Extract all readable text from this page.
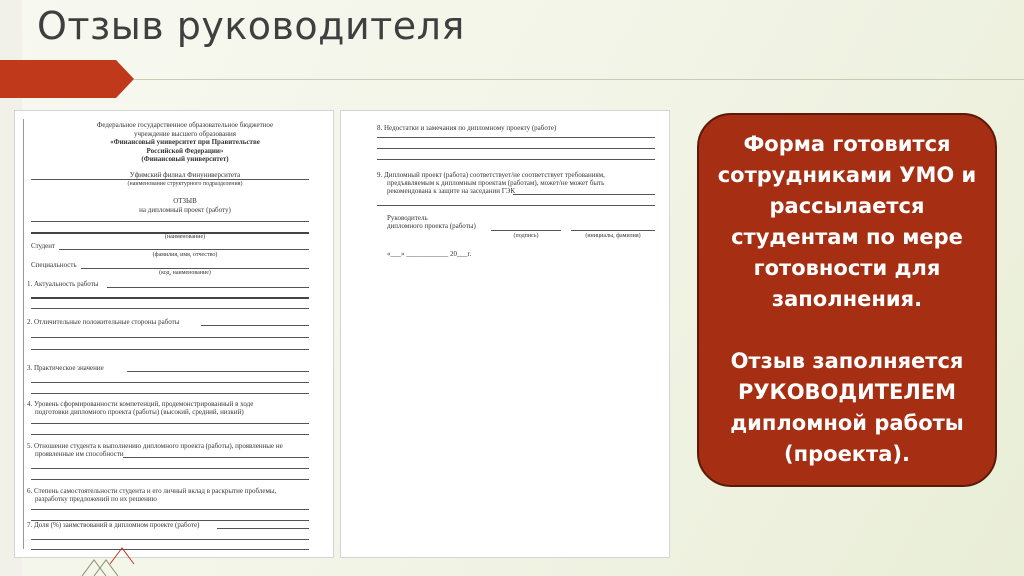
Отзыв руководителя
Федеральное государственное образовательное бюджетное
учреждение высшего образования
«Финансовый университет при Правительстве
Российской Федерации»
(Финансовый университет)
Уфимский филиал Финуниверситета
(наименование структурного подразделения)
ОТЗЫВ
на дипломный проект (работу)
(наименование)
Студент
(фамилия, имя, отчество)
Специальность
(код, наименование)
1. Актуальность работы
2. Отличительные положительные стороны работы
3. Практическое значение
4. Уровень сформированности компетенций, продемонстрированный в ходе
подготовки дипломного проекта (работы) (высокий, средний, низкий)
5. Отношение студента к выполнению дипломного проекта (работы), проявленные не
проявленные им способности
6. Степень самостоятельности студента и его личный вклад в раскрытие проблемы,
разработку предложений по их решению
7. Доля (%) заимствований в дипломном проекте (работе)
8. Недостатки и замечания по дипломному проекту (работе)
9. Дипломный проект (работа) соответствует/не соответствует требованиям,
предъявляемым к дипломным проектам (работам), может/не может быть
рекомендована к защите на заседании ГЭК
Руководитель
дипломного проекта (работы)
(подпись)	(инициалы, фамилия)
«___» ____________ 20___г.

Форма готовится сотрудниками УМО и рассылается студентам по мере готовности для заполнения.

Отзыв заполняется РУКОВОДИТЕЛЕМ дипломной работы (проекта).
